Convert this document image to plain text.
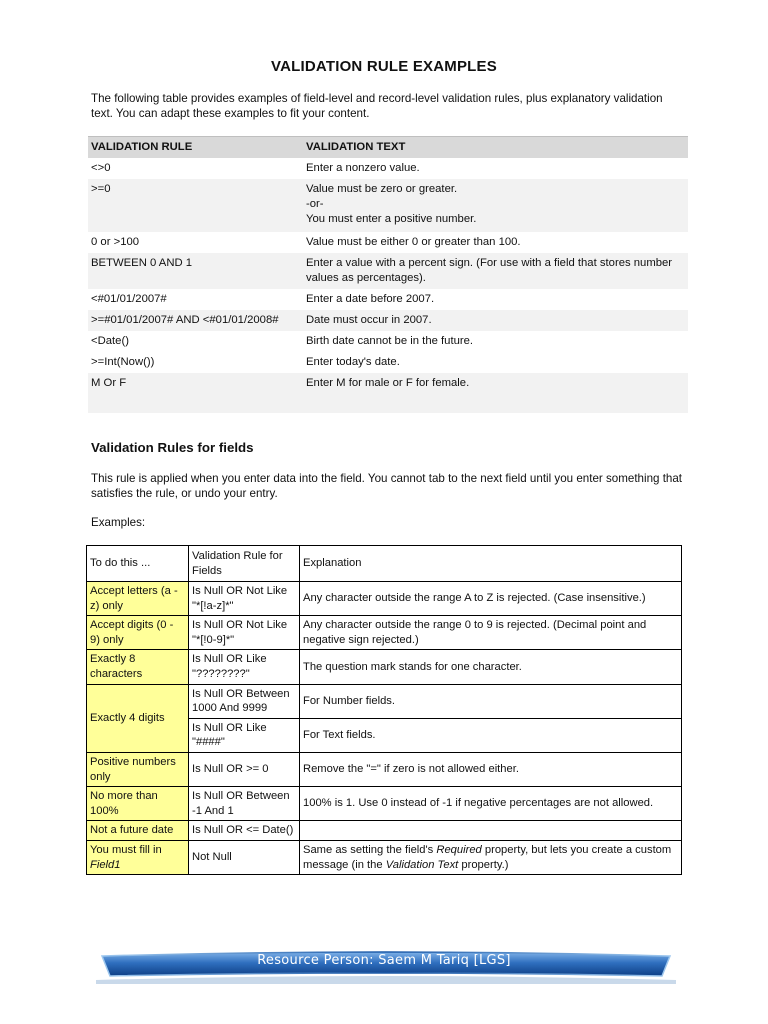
VALIDATION RULE EXAMPLES
The following table provides examples of field-level and record-level validation rules, plus explanatory validation text. You can adapt these examples to fit your content.
VALIDATION RULE	VALIDATION TEXT
<>0	Enter a nonzero value.
>=0	Value must be zero or greater.
-or-
You must enter a positive number.

0 or >100	Value must be either 0 or greater than 100.
BETWEEN 0 AND 1	Enter a value with a percent sign. (For use with a field that stores number values as percentages).
<#01/01/2007#	Enter a date before 2007.
>=#01/01/2007# AND <#01/01/2008#	Date must occur in 2007.
<Date()	Birth date cannot be in the future.
>=Int(Now())	Enter today's date.
M Or F	Enter M for male or F for female.
Validation Rules for fields
This rule is applied when you enter data into the field. You cannot tab to the next field until you enter something that satisfies the rule, or undo your entry.
Examples:
To do this ...	Validation Rule for Fields	Explanation
Accept letters (a - z) only	Is Null OR Not Like "*[!a-z]*"	Any character outside the range A to Z is rejected. (Case insensitive.)
Accept digits (0 - 9) only	Is Null OR Not Like "*[!0-9]*"	Any character outside the range 0 to 9 is rejected. (Decimal point and negative sign rejected.)
Exactly 8 characters	Is Null OR Like "????????"	The question mark stands for one character.
Exactly 4 digits	Is Null OR Between 1000 And 9999	For Number fields.
	Is Null OR Like "####"	For Text fields.
Positive numbers only	Is Null OR >= 0	Remove the "=" if zero is not allowed either.
No more than 100%	Is Null OR Between -1 And 1	100% is 1. Use 0 instead of -1 if negative percentages are not allowed.
Not a future date	Is Null OR <= Date()	
You must fill in Field1	Not Null	Same as setting the field's Required property, but lets you create a custom message (in the Validation Text property.)
Resource Person: Saem M Tariq [LGS]
